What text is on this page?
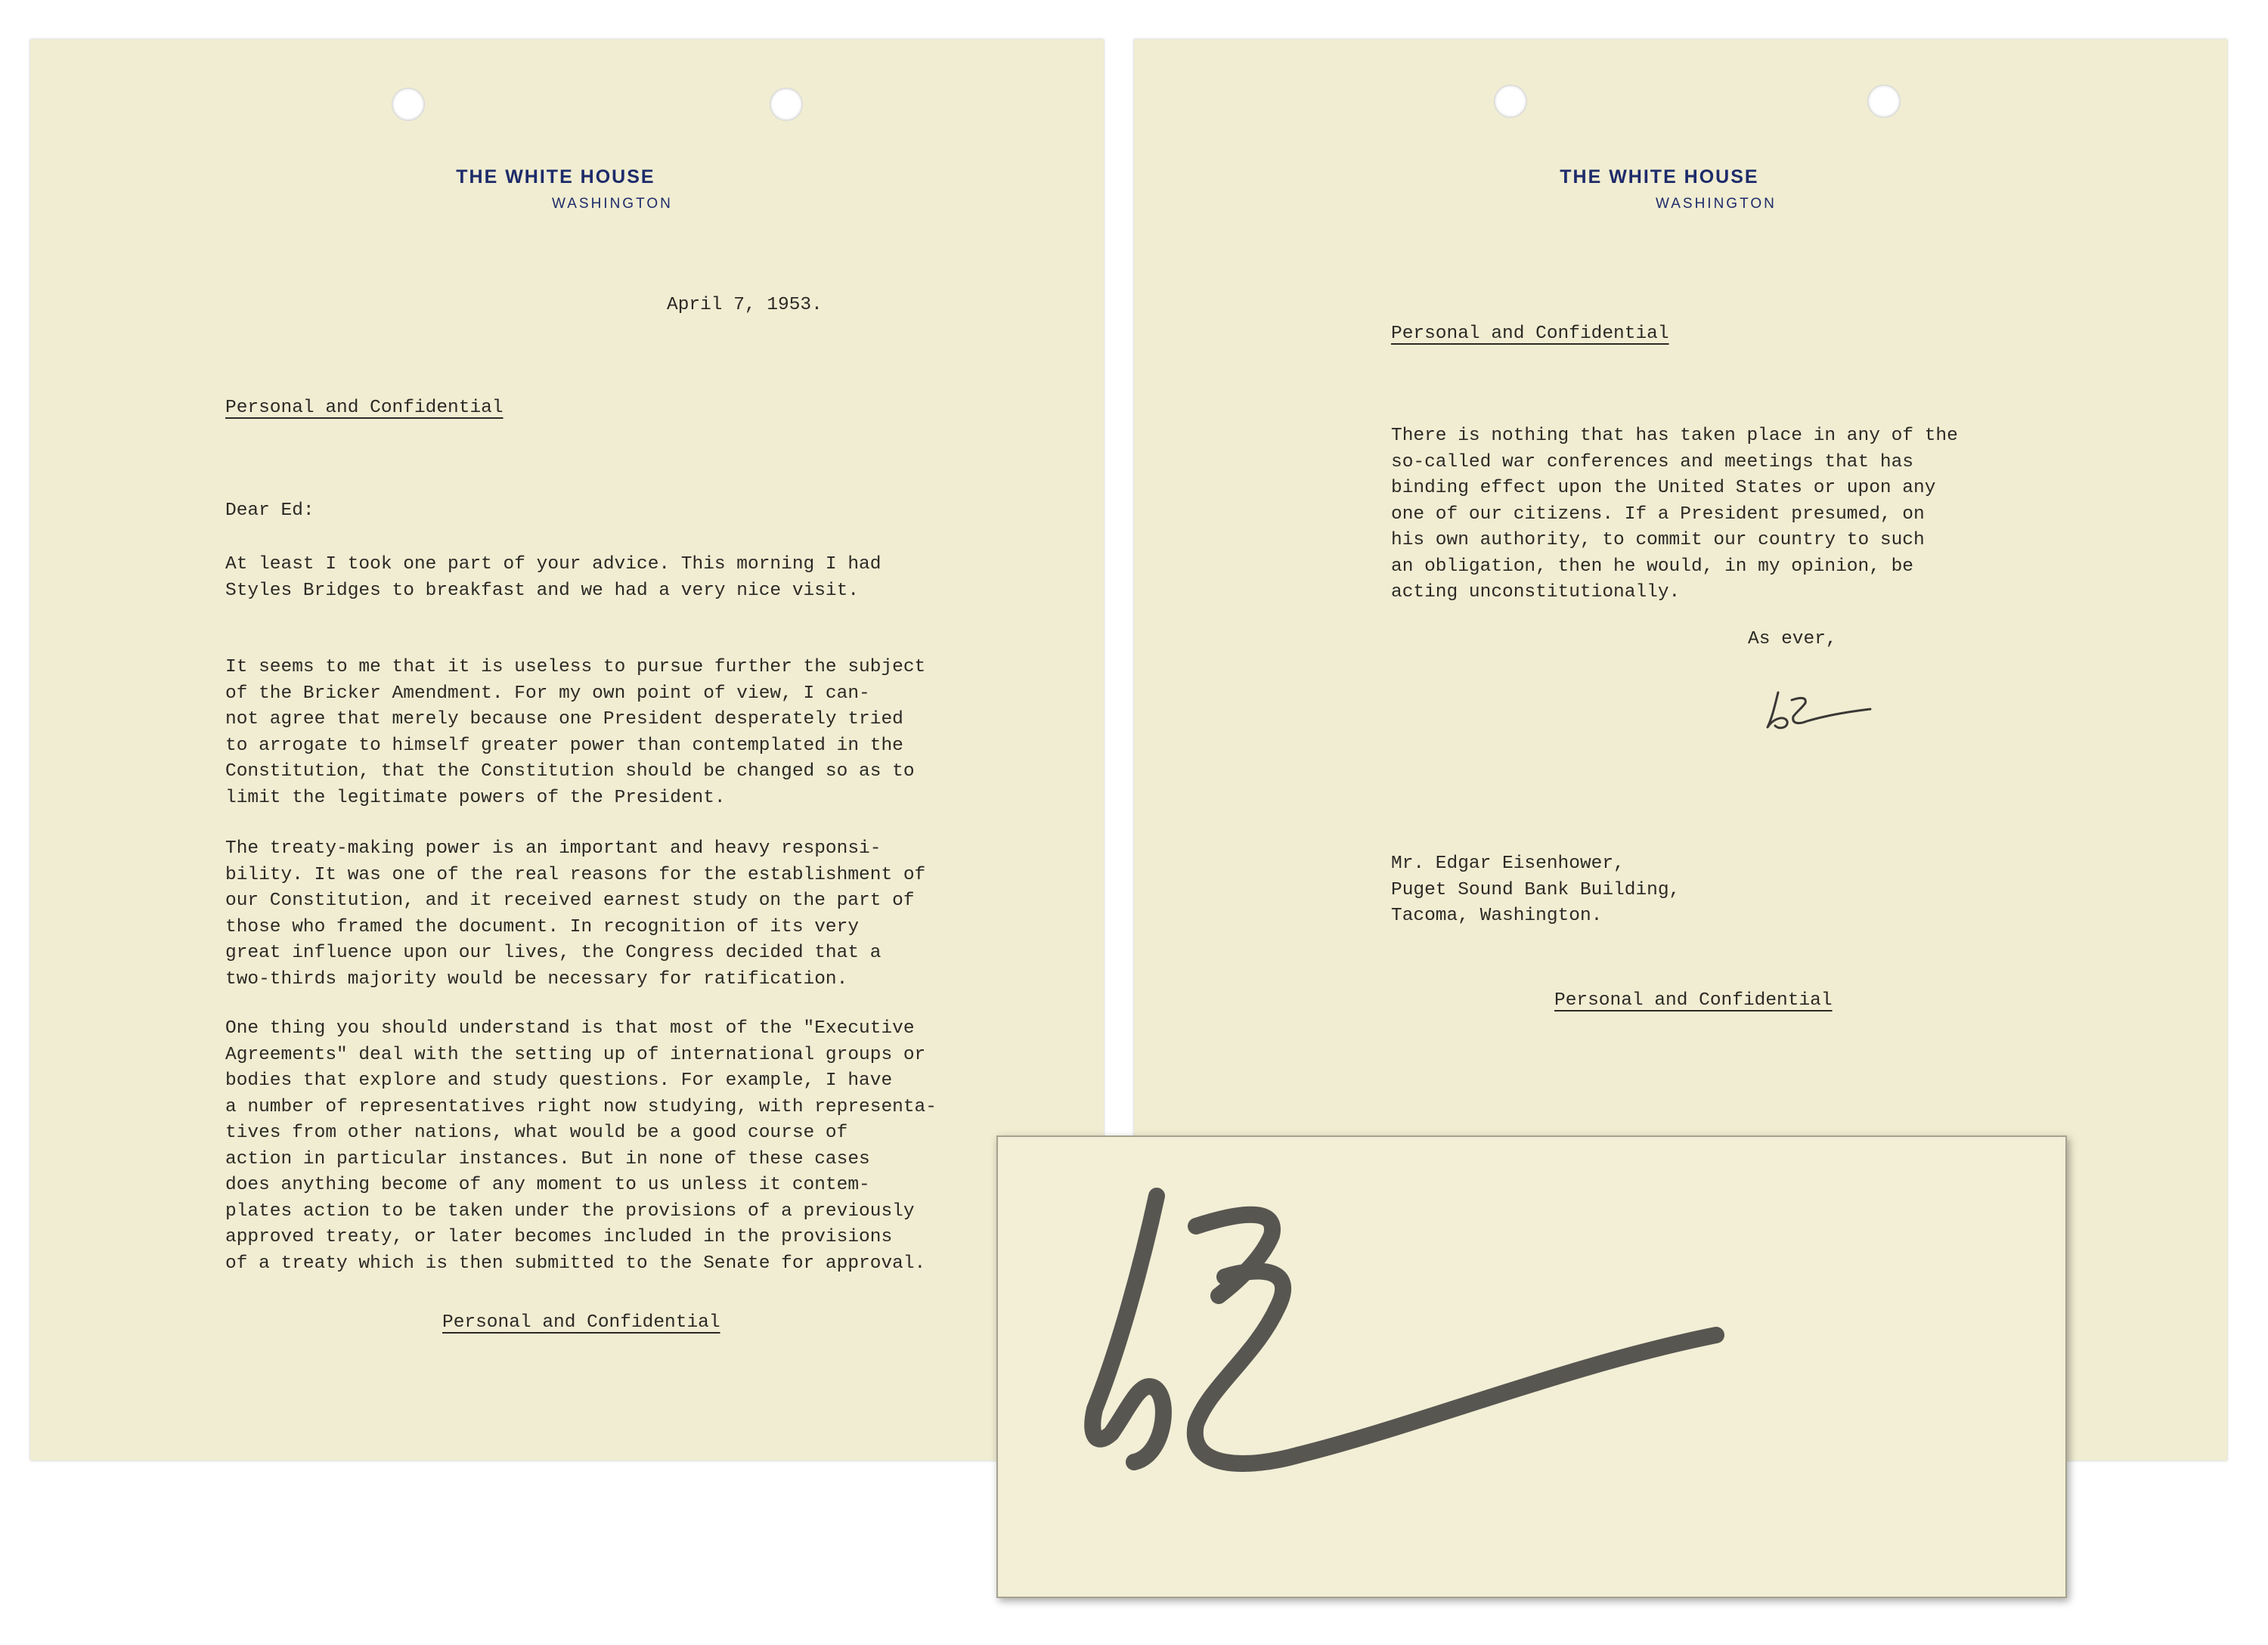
THE WHITE HOUSE
WASHINGTON
April 7, 1953.
Personal and Confidential
Dear Ed:
At least I took one part of your advice. This morning I had
Styles Bridges to breakfast and we had a very nice visit.
It seems to me that it is useless to pursue further the subject
of the Bricker Amendment. For my own point of view, I can-
not agree that merely because one President desperately tried
to arrogate to himself greater power than contemplated in the
Constitution, that the Constitution should be changed so as to
limit the legitimate powers of the President.
The treaty-making power is an important and heavy responsi-
bility. It was one of the real reasons for the establishment of
our Constitution, and it received earnest study on the part of
those who framed the document. In recognition of its very
great influence upon our lives, the Congress decided that a
two-thirds majority would be necessary for ratification.
One thing you should understand is that most of the "Executive
Agreements" deal with the setting up of international groups or
bodies that explore and study questions. For example, I have
a number of representatives right now studying, with representa-
tives from other nations, what would be a good course of
action in particular instances. But in none of these cases
does anything become of any moment to us unless it contem-
plates action to be taken under the provisions of a previously
approved treaty, or later becomes included in the provisions
of a treaty which is then submitted to the Senate for approval.
Personal and Confidential
THE WHITE HOUSE
WASHINGTON
Personal and Confidential
There is nothing that has taken place in any of the
so-called war conferences and meetings that has
binding effect upon the United States or upon any
one of our citizens. If a President presumed, on
his own authority, to commit our country to such
an obligation, then he would, in my opinion, be
acting unconstitutionally.
As ever,
Mr. Edgar Eisenhower,
Puget Sound Bank Building,
Tacoma, Washington.
Personal and Confidential
